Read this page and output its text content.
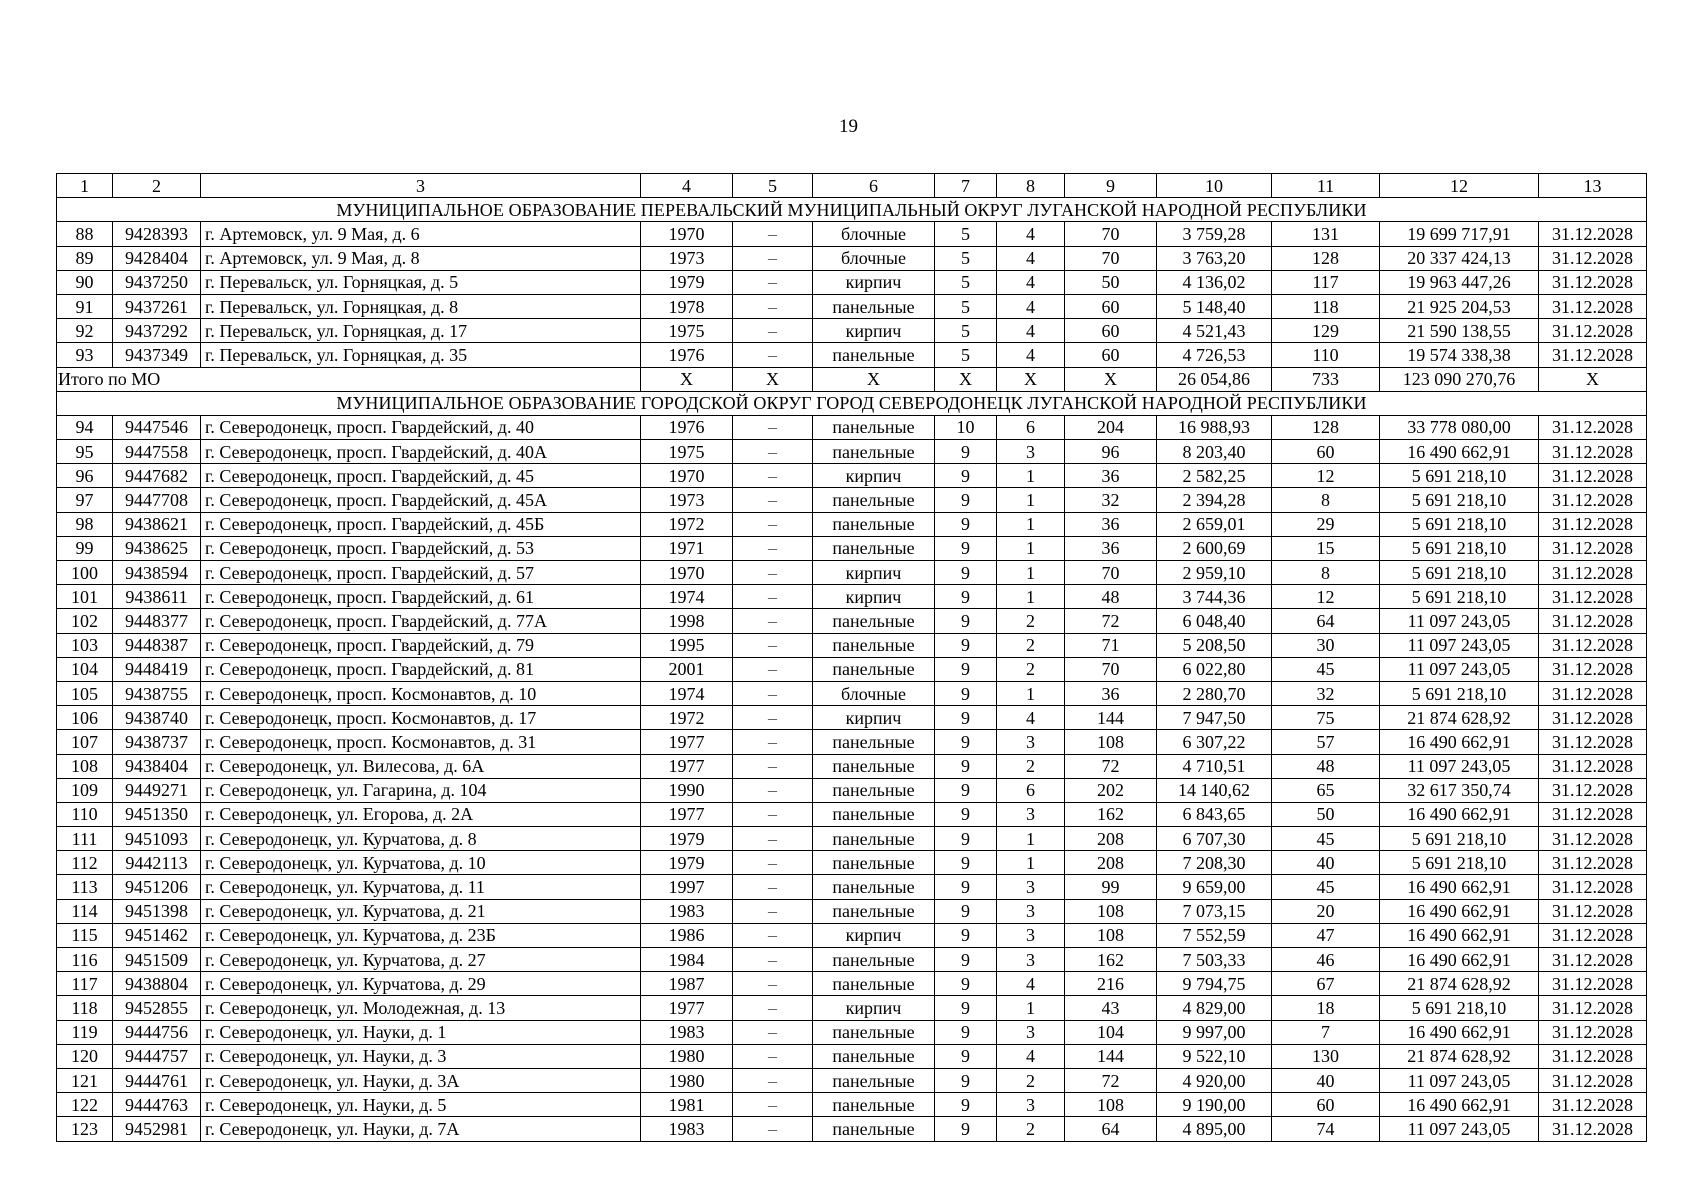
19
1	2	3	4	5	6	7	8	9	10	11	12	13
МУНИЦИПАЛЬНОЕ ОБРАЗОВАНИЕ ПЕРЕВАЛЬСКИЙ МУНИЦИПАЛЬНЫЙ ОКРУГ ЛУГАНСКОЙ НАРОДНОЙ РЕСПУБЛИКИ												
88	9428393	г. Артемовск, ул. 9 Мая, д. 6	1970	–	блочные	5	4	70	3 759,28	131	19 699 717,91	31.12.2028
89	9428404	г. Артемовск, ул. 9 Мая, д. 8	1973	–	блочные	5	4	70	3 763,20	128	20 337 424,13	31.12.2028
90	9437250	г. Перевальск, ул. Горняцкая, д. 5	1979	–	кирпич	5	4	50	4 136,02	117	19 963 447,26	31.12.2028
91	9437261	г. Перевальск, ул. Горняцкая, д. 8	1978	–	панельные	5	4	60	5 148,40	118	21 925 204,53	31.12.2028
92	9437292	г. Перевальск, ул. Горняцкая, д. 17	1975	–	кирпич	5	4	60	4 521,43	129	21 590 138,55	31.12.2028
93	9437349	г. Перевальск, ул. Горняцкая, д. 35	1976	–	панельные	5	4	60	4 726,53	110	19 574 338,38	31.12.2028
Итого по МО			X	X	X	X	X	X	26 054,86	733	123 090 270,76	X
МУНИЦИПАЛЬНОЕ ОБРАЗОВАНИЕ ГОРОДСКОЙ ОКРУГ ГОРОД СЕВЕРОДОНЕЦК ЛУГАНСКОЙ НАРОДНОЙ РЕСПУБЛИКИ												
94	9447546	г. Северодонецк, просп. Гвардейский, д. 40	1976	–	панельные	10	6	204	16 988,93	128	33 778 080,00	31.12.2028
95	9447558	г. Северодонецк, просп. Гвардейский, д. 40А	1975	–	панельные	9	3	96	8 203,40	60	16 490 662,91	31.12.2028
96	9447682	г. Северодонецк, просп. Гвардейский, д. 45	1970	–	кирпич	9	1	36	2 582,25	12	5 691 218,10	31.12.2028
97	9447708	г. Северодонецк, просп. Гвардейский, д. 45А	1973	–	панельные	9	1	32	2 394,28	8	5 691 218,10	31.12.2028
98	9438621	г. Северодонецк, просп. Гвардейский, д. 45Б	1972	–	панельные	9	1	36	2 659,01	29	5 691 218,10	31.12.2028
99	9438625	г. Северодонецк, просп. Гвардейский, д. 53	1971	–	панельные	9	1	36	2 600,69	15	5 691 218,10	31.12.2028
100	9438594	г. Северодонецк, просп. Гвардейский, д. 57	1970	–	кирпич	9	1	70	2 959,10	8	5 691 218,10	31.12.2028
101	9438611	г. Северодонецк, просп. Гвардейский, д. 61	1974	–	кирпич	9	1	48	3 744,36	12	5 691 218,10	31.12.2028
102	9448377	г. Северодонецк, просп. Гвардейский, д. 77А	1998	–	панельные	9	2	72	6 048,40	64	11 097 243,05	31.12.2028
103	9448387	г. Северодонецк, просп. Гвардейский, д. 79	1995	–	панельные	9	2	71	5 208,50	30	11 097 243,05	31.12.2028
104	9448419	г. Северодонецк, просп. Гвардейский, д. 81	2001	–	панельные	9	2	70	6 022,80	45	11 097 243,05	31.12.2028
105	9438755	г. Северодонецк, просп. Космонавтов, д. 10	1974	–	блочные	9	1	36	2 280,70	32	5 691 218,10	31.12.2028
106	9438740	г. Северодонецк, просп. Космонавтов, д. 17	1972	–	кирпич	9	4	144	7 947,50	75	21 874 628,92	31.12.2028
107	9438737	г. Северодонецк, просп. Космонавтов, д. 31	1977	–	панельные	9	3	108	6 307,22	57	16 490 662,91	31.12.2028
108	9438404	г. Северодонецк, ул. Вилесова, д. 6А	1977	–	панельные	9	2	72	4 710,51	48	11 097 243,05	31.12.2028
109	9449271	г. Северодонецк, ул. Гагарина, д. 104	1990	–	панельные	9	6	202	14 140,62	65	32 617 350,74	31.12.2028
110	9451350	г. Северодонецк, ул. Егорова, д. 2А	1977	–	панельные	9	3	162	6 843,65	50	16 490 662,91	31.12.2028
111	9451093	г. Северодонецк, ул. Курчатова, д. 8	1979	–	панельные	9	1	208	6 707,30	45	5 691 218,10	31.12.2028
112	9442113	г. Северодонецк, ул. Курчатова, д. 10	1979	–	панельные	9	1	208	7 208,30	40	5 691 218,10	31.12.2028
113	9451206	г. Северодонецк, ул. Курчатова, д. 11	1997	–	панельные	9	3	99	9 659,00	45	16 490 662,91	31.12.2028
114	9451398	г. Северодонецк, ул. Курчатова, д. 21	1983	–	панельные	9	3	108	7 073,15	20	16 490 662,91	31.12.2028
115	9451462	г. Северодонецк, ул. Курчатова, д. 23Б	1986	–	кирпич	9	3	108	7 552,59	47	16 490 662,91	31.12.2028
116	9451509	г. Северодонецк, ул. Курчатова, д. 27	1984	–	панельные	9	3	162	7 503,33	46	16 490 662,91	31.12.2028
117	9438804	г. Северодонецк, ул. Курчатова, д. 29	1987	–	панельные	9	4	216	9 794,75	67	21 874 628,92	31.12.2028
118	9452855	г. Северодонецк, ул. Молодежная, д. 13	1977	–	кирпич	9	1	43	4 829,00	18	5 691 218,10	31.12.2028
119	9444756	г. Северодонецк, ул. Науки, д. 1	1983	–	панельные	9	3	104	9 997,00	7	16 490 662,91	31.12.2028
120	9444757	г. Северодонецк, ул. Науки, д. 3	1980	–	панельные	9	4	144	9 522,10	130	21 874 628,92	31.12.2028
121	9444761	г. Северодонецк, ул. Науки, д. 3А	1980	–	панельные	9	2	72	4 920,00	40	11 097 243,05	31.12.2028
122	9444763	г. Северодонецк, ул. Науки, д. 5	1981	–	панельные	9	3	108	9 190,00	60	16 490 662,91	31.12.2028
123	9452981	г. Северодонецк, ул. Науки, д. 7А	1983	–	панельные	9	2	64	4 895,00	74	11 097 243,05	31.12.2028
